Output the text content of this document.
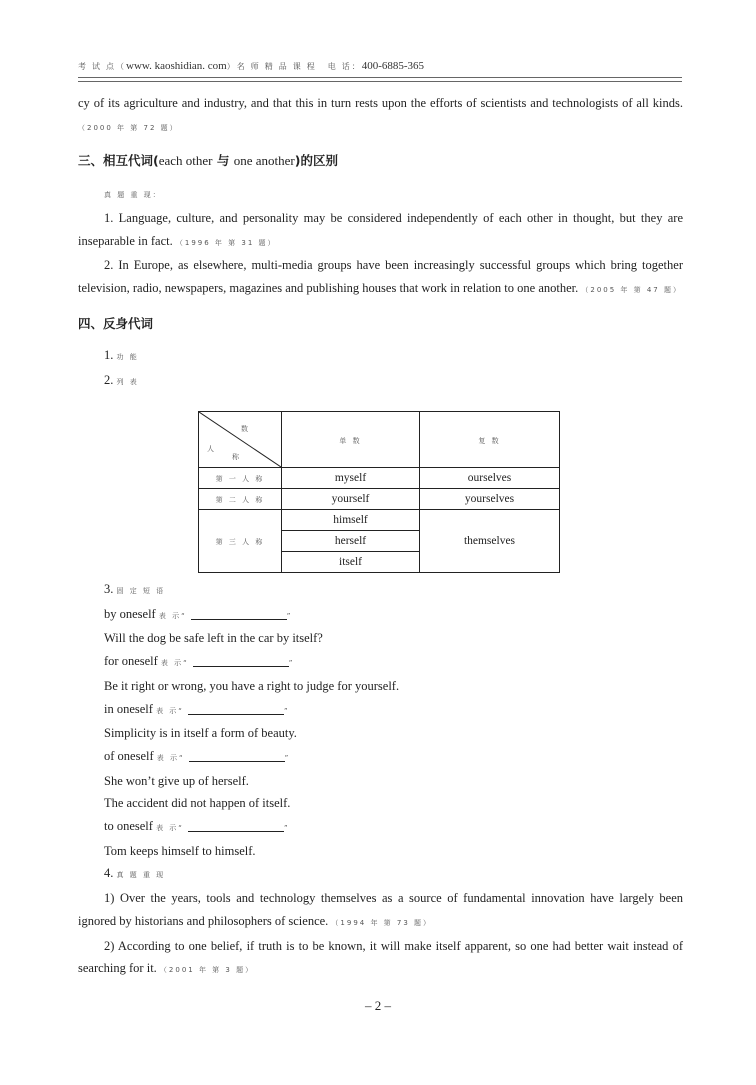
考 试 点（www. kaoshidian. com）名 师 精 品 课 程 电 话：400-6885-365

cy of its agriculture and industry, and that this in turn rests upon the efforts of scientists and technologists of all kinds. （2000 年 第 72 题）

三、相互代词(each other 与 one another)的区别

真 题 重 现：

1. Language, culture, and personality may be considered independently of each other in thought, but they are inseparable in fact. （1996 年 第 31 题）

2. In Europe, as elsewhere, multi-media groups have been increasingly successful groups which bring together television, radio, newspapers, magazines and publishing houses that work in relation to one another. （2005 年 第 47 题）

四、反身代词

1. 功 能

2. 列 表

数
人
称	单 数	复 数
第 一 人 称	myself	ourselves
第 二 人 称	yourself	yourselves
第 三 人 称	himself	themselves
	herself	
	itself	

3. 固 定 短 语

by oneself 表 示“	”

Will the dog be safe left in the car by itself?

for oneself 表 示“	”

Be it right or wrong, you have a right to judge for yourself.

in oneself 表 示“	”

Simplicity is in itself a form of beauty.

of oneself 表 示“	”

She won’t give up of herself.

The accident did not happen of itself.

to oneself 表 示“	”

Tom keeps himself to himself.

4. 真 题 重 现

1) Over the years, tools and technology themselves as a source of fundamental innovation have largely been ignored by historians and philosophers of science. （1994 年 第 73 题）

2) According to one belief, if truth is to be known, it will make itself apparent, so one had better wait instead of searching for it. （2001 年 第 3 题）

– 2 –
